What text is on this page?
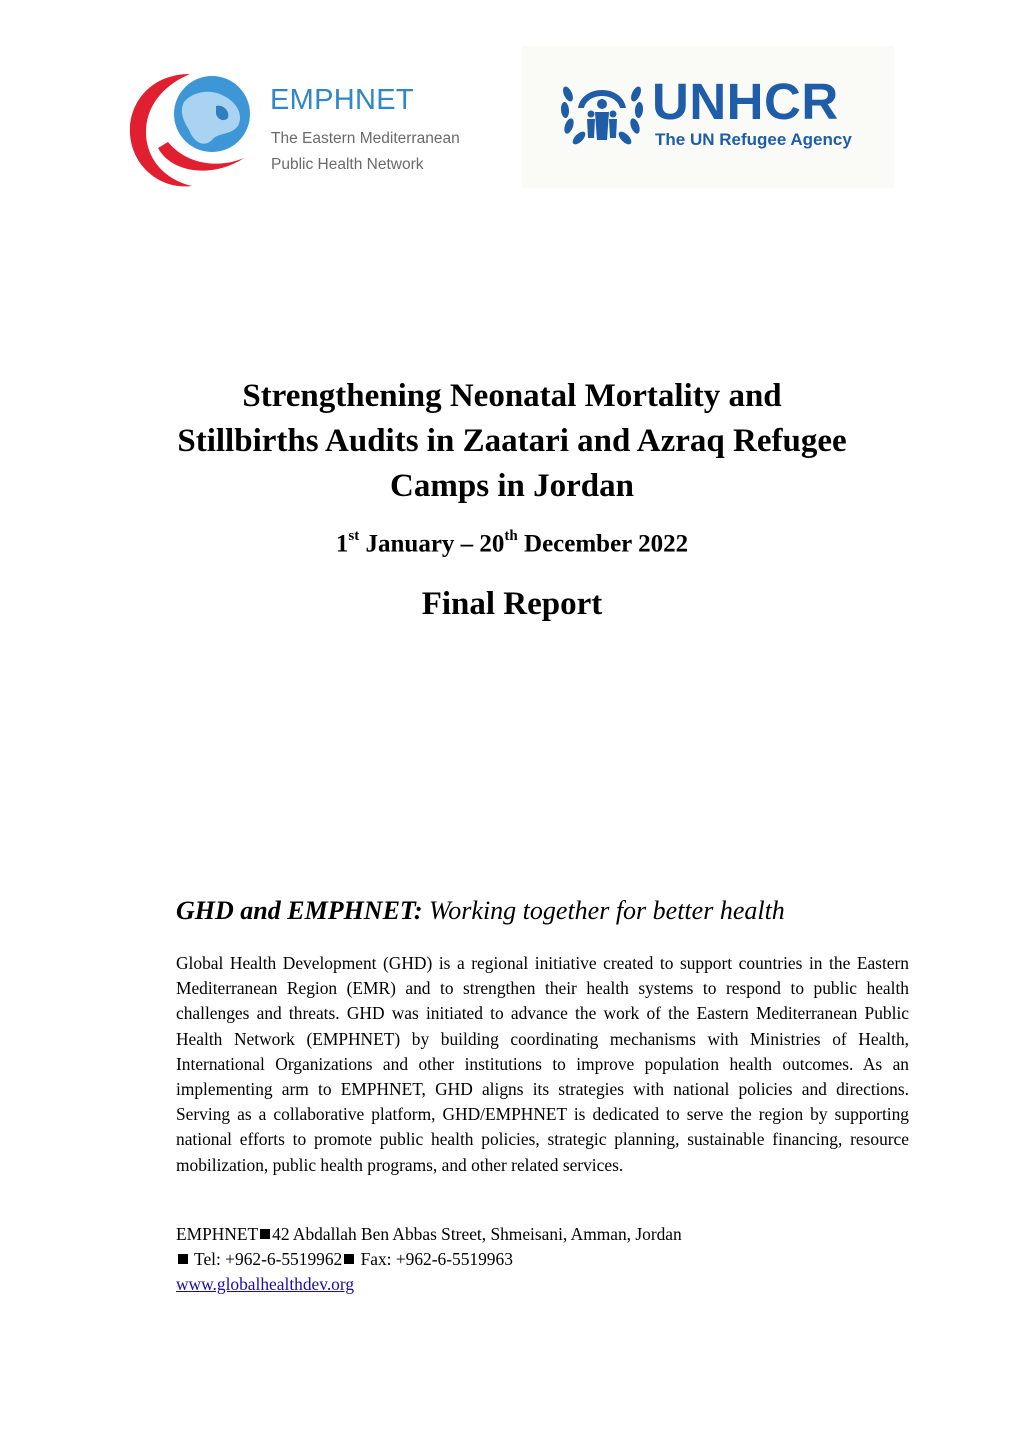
EMPHNET
The Eastern Mediterranean
Public Health Network
UNHCR
The UN Refugee Agency
Strengthening Neonatal Mortality and
Stillbirths Audits in Zaatari and Azraq Refugee
Camps in Jordan
1st January – 20th December 2022
Final Report
GHD and EMPHNET: Working together for better health
Global Health Development (GHD) is a regional initiative created to support countries in the Eastern Mediterranean Region (EMR) and to strengthen their health systems to respond to public health challenges and threats. GHD was initiated to advance the work of the Eastern Mediterranean Public Health Network (EMPHNET) by building coordinating mechanisms with Ministries of Health, International Organizations and other institutions to improve population health outcomes. As an implementing arm to EMPHNET, GHD aligns its strategies with national policies and directions. Serving as a collaborative platform, GHD/EMPHNET is dedicated to serve the region by supporting national efforts to promote public health policies, strategic planning, sustainable financing, resource mobilization, public health programs, and other related services.
EMPHNET 42 Abdallah Ben Abbas Street, Shmeisani, Amman, Jordan
Tel: +962-6-5519962 Fax: +962-6-5519963
www.globalhealthdev.org
